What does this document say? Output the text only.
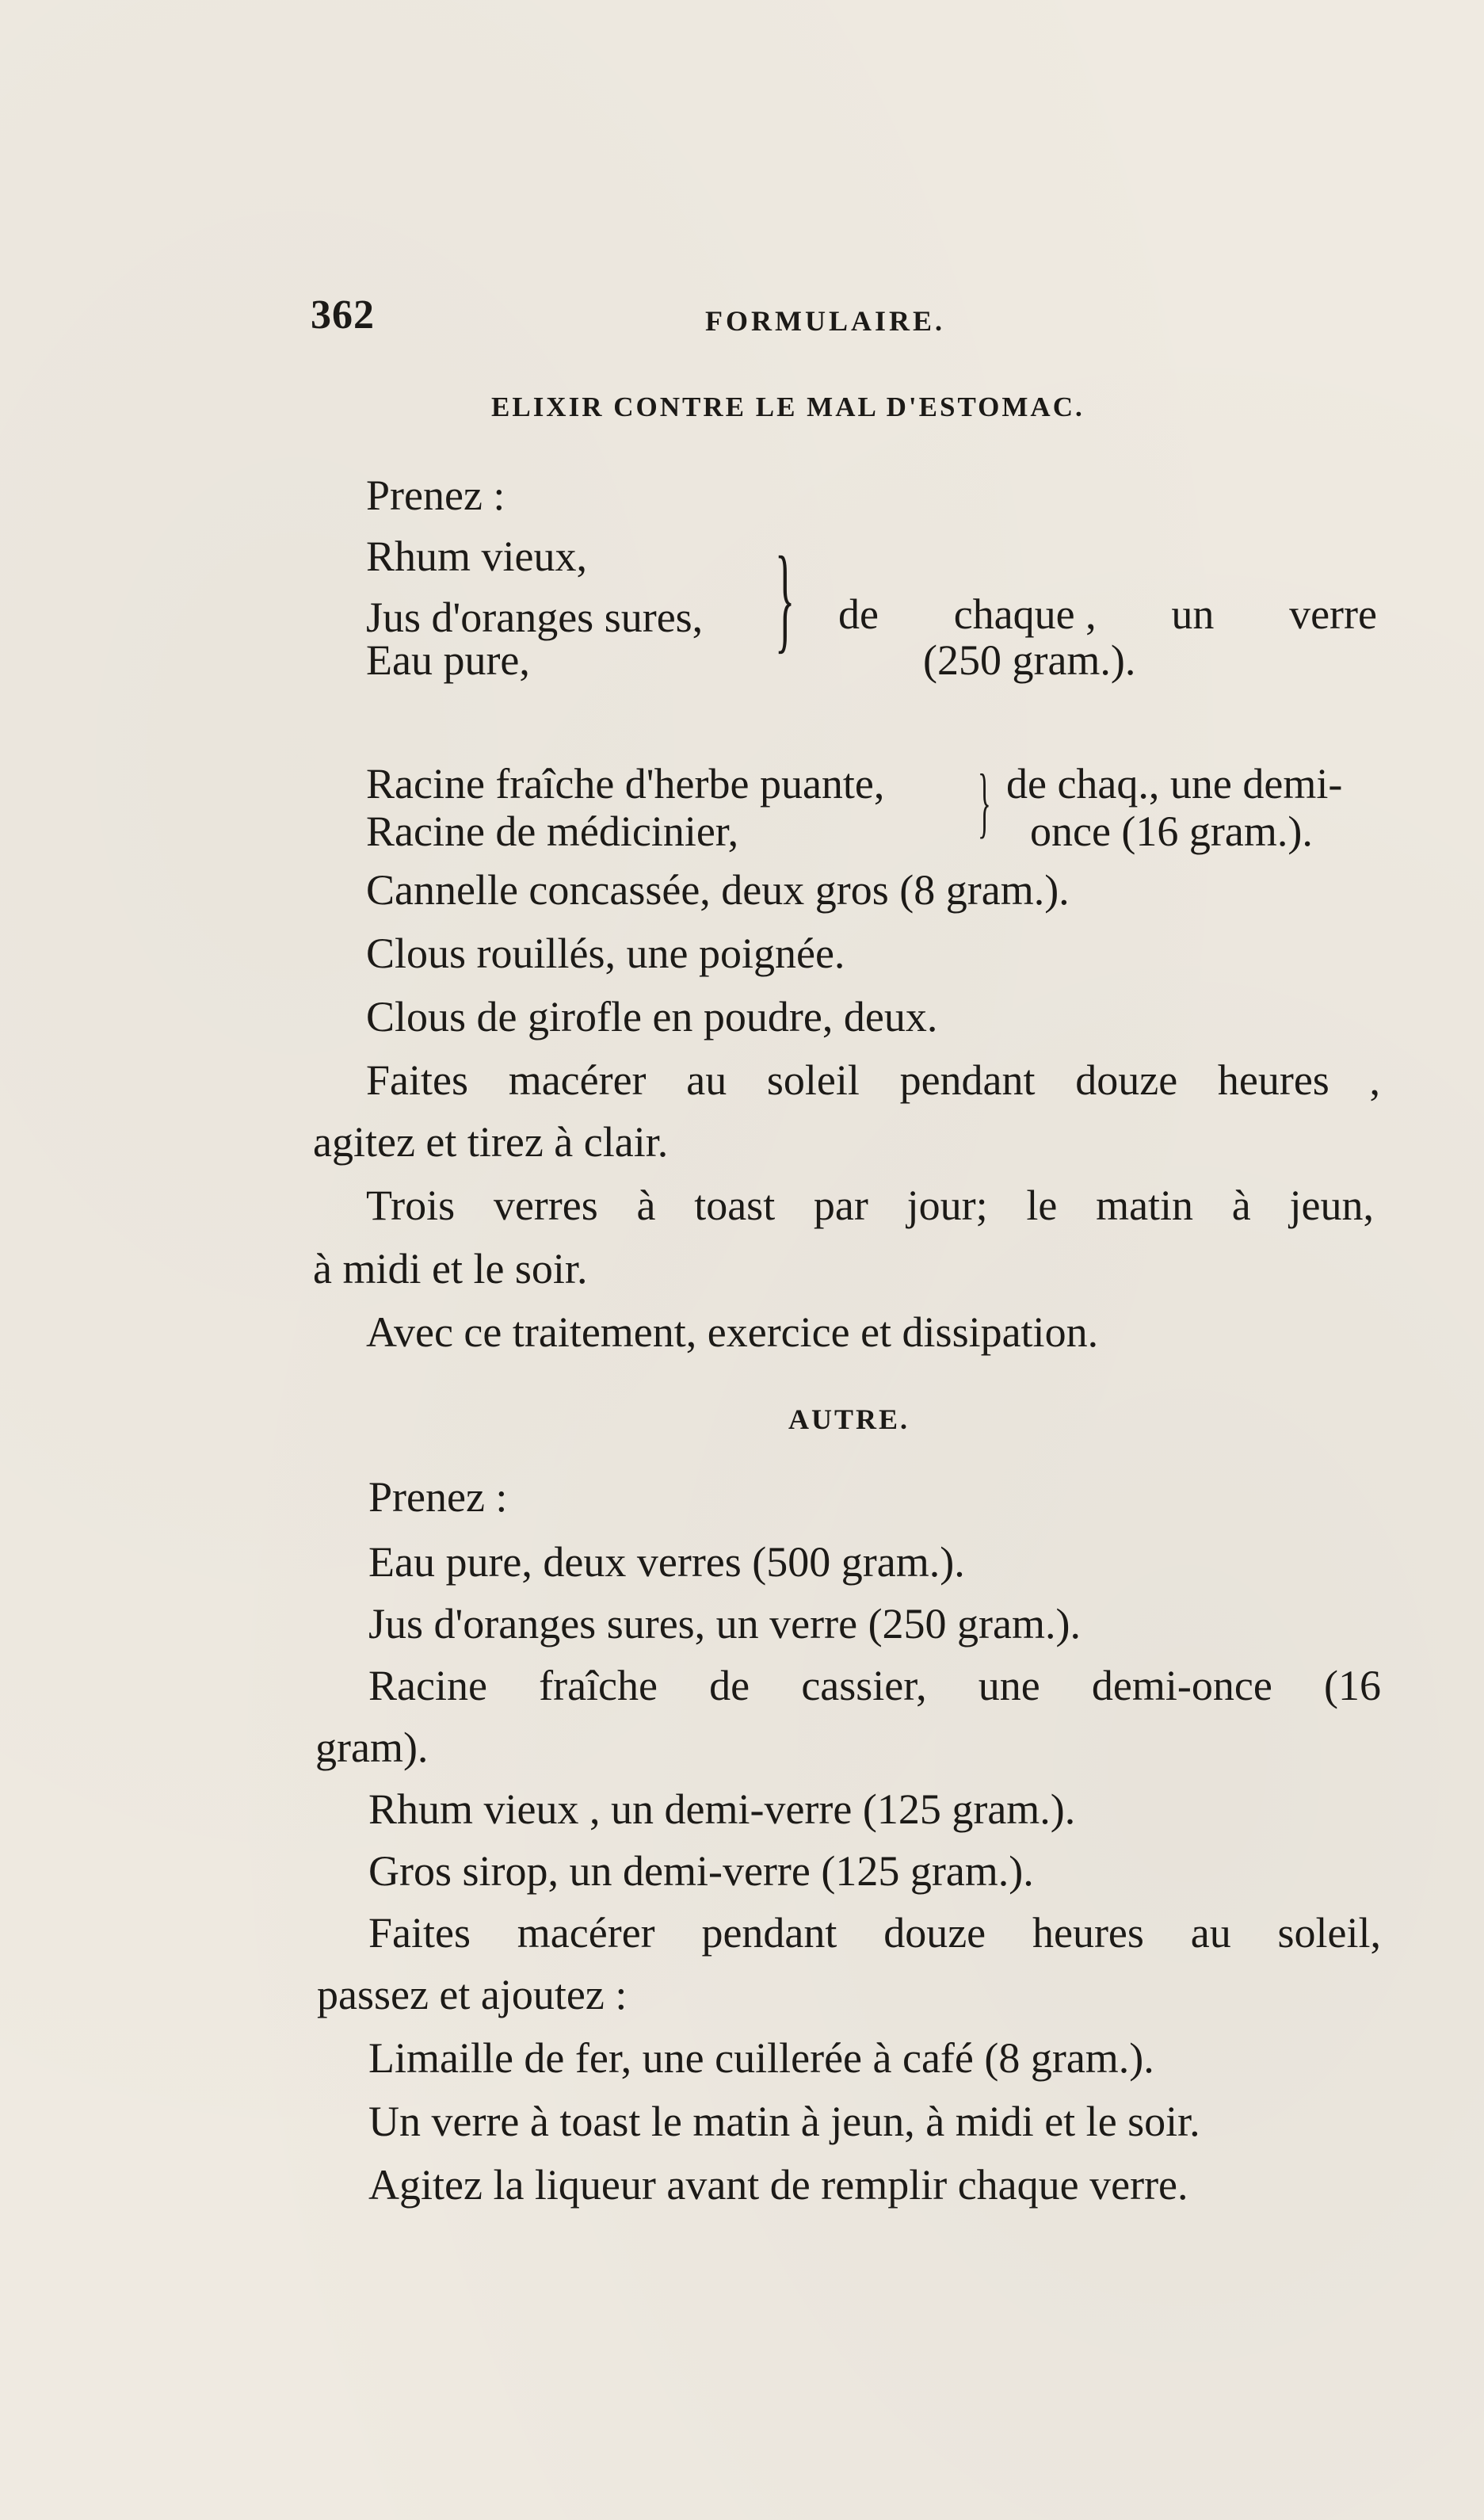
362	FORMULAIRE.
ELIXIR CONTRE LE MAL D'ESTOMAC.
Prenez :
Rhum vieux,
Jus d'oranges sures,
Eau pure, } de chaque , un verre
(250 gram.).
Racine fraîche d'herbe puante,
Racine de médicinier,	} de chaq., une demi-
once (16 gram.).
Cannelle concassée, deux gros (8 gram.).
Clous rouillés, une poignée.
Clous de girofle en poudre, deux.
Faites macérer au soleil pendant douze heures ,
agitez et tirez à clair.
Trois verres à toast par jour; le matin à jeun,
à midi et le soir.
Avec ce traitement, exercice et dissipation.
AUTRE.
Prenez :
Eau pure, deux verres (500 gram.).
Jus d'oranges sures, un verre (250 gram.).
Racine fraîche de cassier, une demi-once (16
gram).
Rhum vieux , un demi-verre (125 gram.).
Gros sirop, un demi-verre (125 gram.).
Faites macérer pendant douze heures au soleil,
passez et ajoutez :
Limaille de fer, une cuillerée à café (8 gram.).
Un verre à toast le matin à jeun, à midi et le soir.
Agitez la liqueur avant de remplir chaque verre.
